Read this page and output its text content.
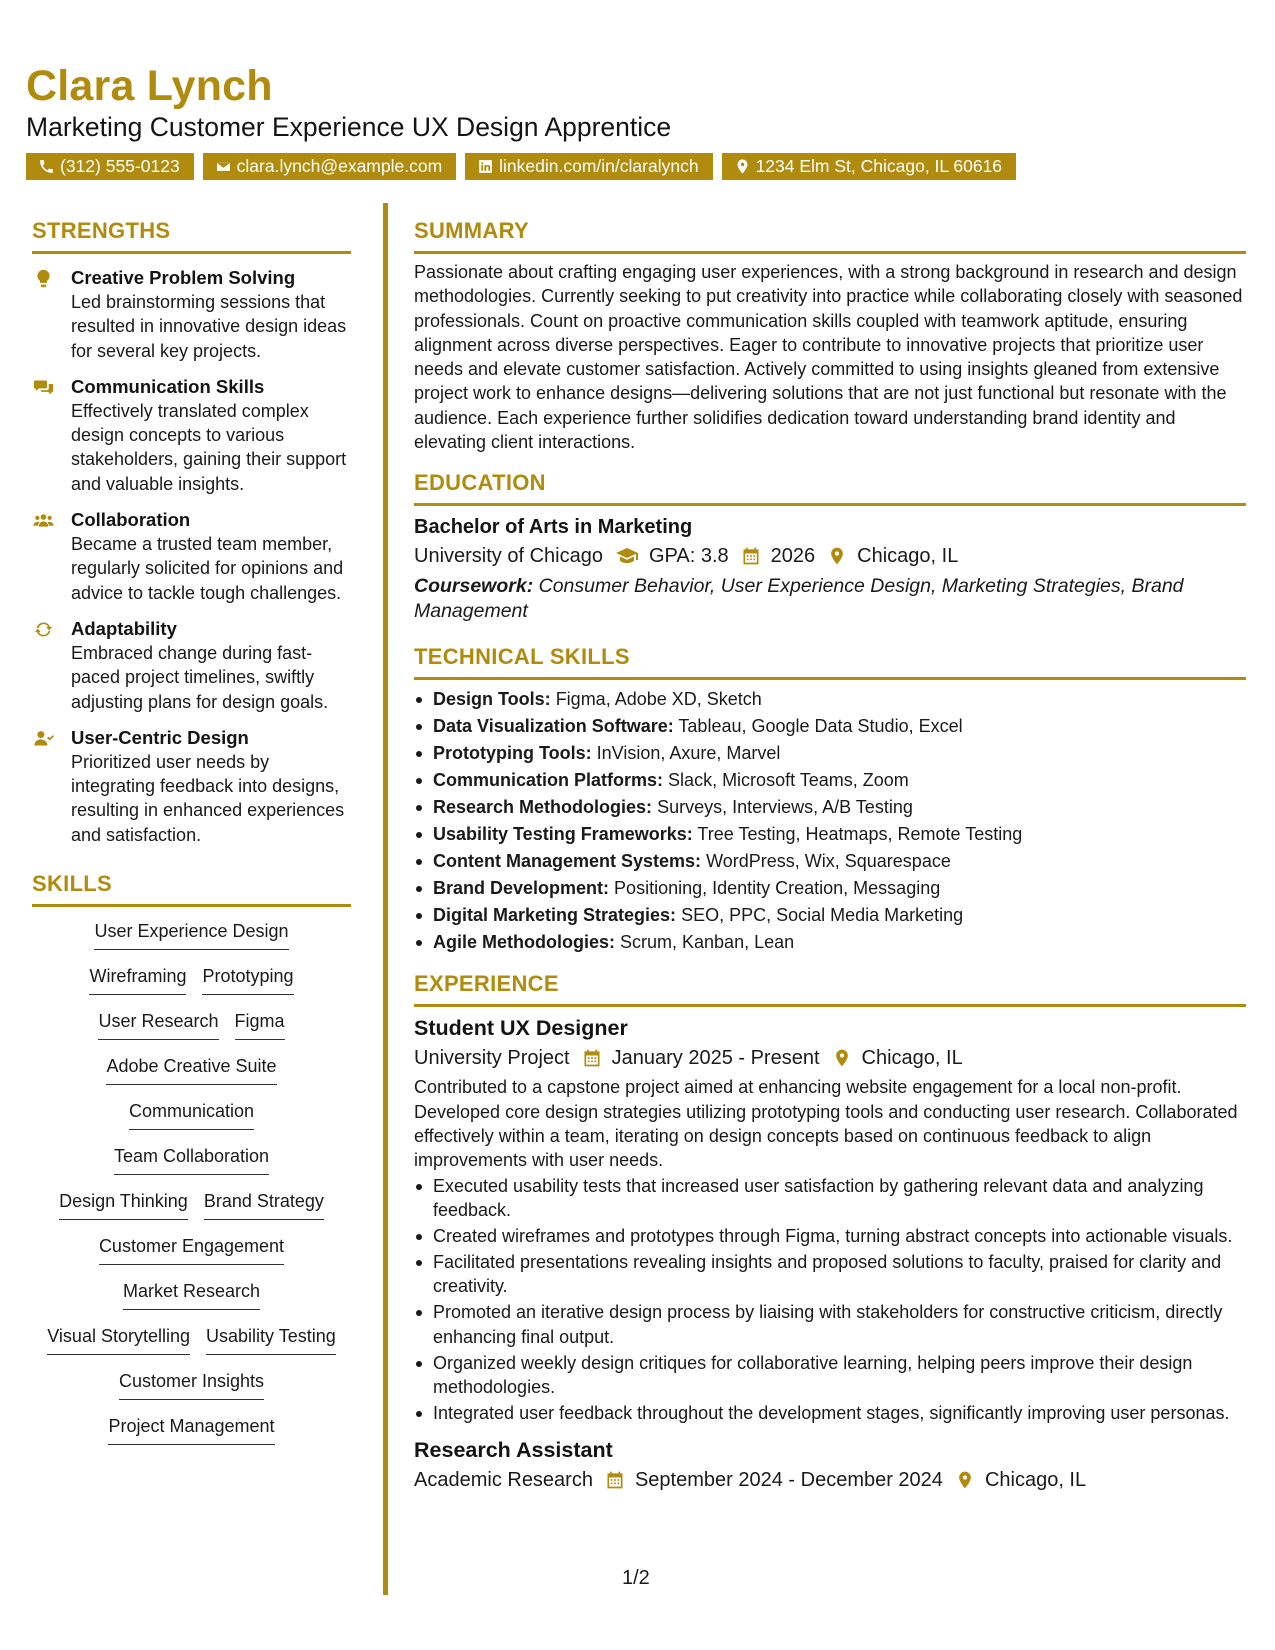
Clara Lynch
Marketing Customer Experience UX Design Apprentice
(312) 555-0123	clara.lynch@example.com	linkedin.com/in/claralynch	1234 Elm St, Chicago, IL 60616
STRENGTHS
Creative Problem Solving
Led brainstorming sessions that resulted in innovative design ideas for several key projects.
Communication Skills
Effectively translated complex design concepts to various stakeholders, gaining their support and valuable insights.
Collaboration
Became a trusted team member, regularly solicited for opinions and advice to tackle tough challenges.
Adaptability
Embraced change during fast-paced project timelines, swiftly adjusting plans for design goals.
User-Centric Design
Prioritized user needs by integrating feedback into designs, resulting in enhanced experiences and satisfaction.
SKILLS
User Experience Design
Wireframing Prototyping
User Research Figma
Adobe Creative Suite
Communication
Team Collaboration
Design Thinking Brand Strategy
Customer Engagement
Market Research
Visual Storytelling Usability Testing
Customer Insights
Project Management
SUMMARY
Passionate about crafting engaging user experiences, with a strong background in research and design methodologies. Currently seeking to put creativity into practice while collaborating closely with seasoned professionals. Count on proactive communication skills coupled with teamwork aptitude, ensuring alignment across diverse perspectives. Eager to contribute to innovative projects that prioritize user needs and elevate customer satisfaction. Actively committed to using insights gleaned from extensive project work to enhance designs—delivering solutions that are not just functional but resonate with the audience. Each experience further solidifies dedication toward understanding brand identity and elevating client interactions.
EDUCATION
Bachelor of Arts in Marketing
University of Chicago GPA: 3.8 2026 Chicago, IL
Coursework: Consumer Behavior, User Experience Design, Marketing Strategies, Brand Management
TECHNICAL SKILLS
Design Tools: Figma, Adobe XD, Sketch
Data Visualization Software: Tableau, Google Data Studio, Excel
Prototyping Tools: InVision, Axure, Marvel
Communication Platforms: Slack, Microsoft Teams, Zoom
Research Methodologies: Surveys, Interviews, A/B Testing
Usability Testing Frameworks: Tree Testing, Heatmaps, Remote Testing
Content Management Systems: WordPress, Wix, Squarespace
Brand Development: Positioning, Identity Creation, Messaging
Digital Marketing Strategies: SEO, PPC, Social Media Marketing
Agile Methodologies: Scrum, Kanban, Lean
EXPERIENCE
Student UX Designer
University Project January 2025 - Present Chicago, IL
Contributed to a capstone project aimed at enhancing website engagement for a local non-profit. Developed core design strategies utilizing prototyping tools and conducting user research. Collaborated effectively within a team, iterating on design concepts based on continuous feedback to align improvements with user needs.
Executed usability tests that increased user satisfaction by gathering relevant data and analyzing feedback.
Created wireframes and prototypes through Figma, turning abstract concepts into actionable visuals.
Facilitated presentations revealing insights and proposed solutions to faculty, praised for clarity and creativity.
Promoted an iterative design process by liaising with stakeholders for constructive criticism, directly enhancing final output.
Organized weekly design critiques for collaborative learning, helping peers improve their design methodologies.
Integrated user feedback throughout the development stages, significantly improving user personas.
Research Assistant
Academic Research September 2024 - December 2024 Chicago, IL
1/2
